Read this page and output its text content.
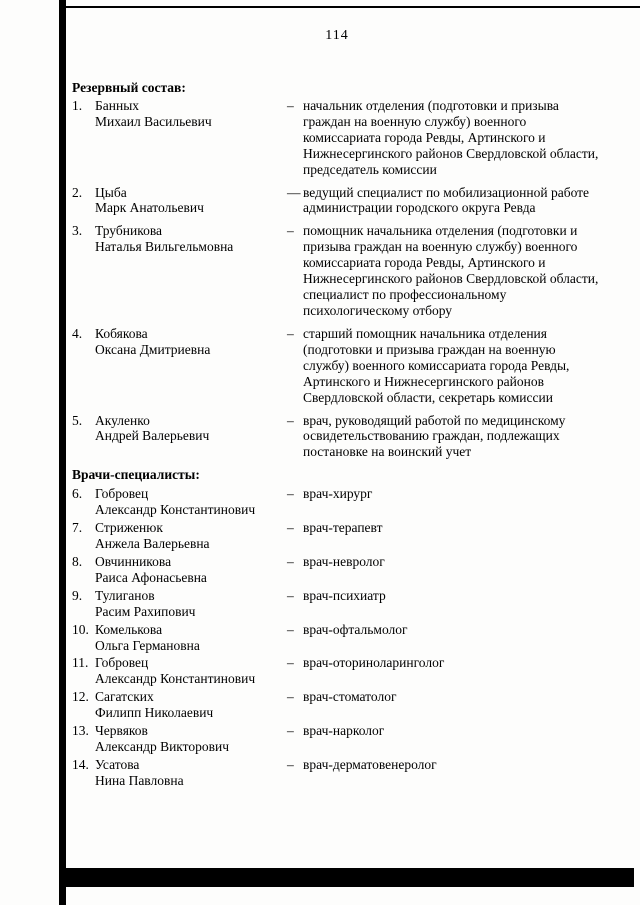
114
Резервный состав:
1. Банных
Михаил Васильевич
– начальник отделения (подготовки и призыва граждан на военную службу) военного комиссариата города Ревды, Артинского и Нижнесергинского районов Свердловской области, председатель комиссии
2. Цыба
Марк Анатольевич
— ведущий специалист по мобилизационной работе администрации городского округа Ревда
3. Трубникова
Наталья Вильгельмовна
– помощник начальника отделения (подготовки и призыва граждан на военную службу) военного комиссариата города Ревды, Артинского и Нижнесергинского районов Свердловской области, специалист по профессиональному психологическому отбору
4. Кобякова
Оксана Дмитриевна
– старший помощник начальника отделения (подготовки и призыва граждан на военную службу) военного комиссариата города Ревды, Артинского и Нижнесергинского районов Свердловской области, секретарь комиссии
5. Акуленко
Андрей Валерьевич
– врач, руководящий работой по медицинскому освидетельствованию граждан, подлежащих постановке на воинский учет
Врачи-специалисты:
6. Гобровец
Александр Константинович
– врач-хирург
7. Стриженюк
Анжела Валерьевна
– врач-терапевт
8. Овчинникова
Раиса Афонасьевна
– врач-невролог
9. Тулиганов
Расим Рахипович
– врач-психиатр
10. Комелькова
Ольга Германовна
– врач-офтальмолог
11. Гобровец
Александр Константинович
– врач-оториноларинголог
12. Сагатских
Филипп Николаевич
– врач-стоматолог
13. Червяков
Александр Викторович
– врач-нарколог
14. Усатова
Нина Павловна
– врач-дерматовенеролог
